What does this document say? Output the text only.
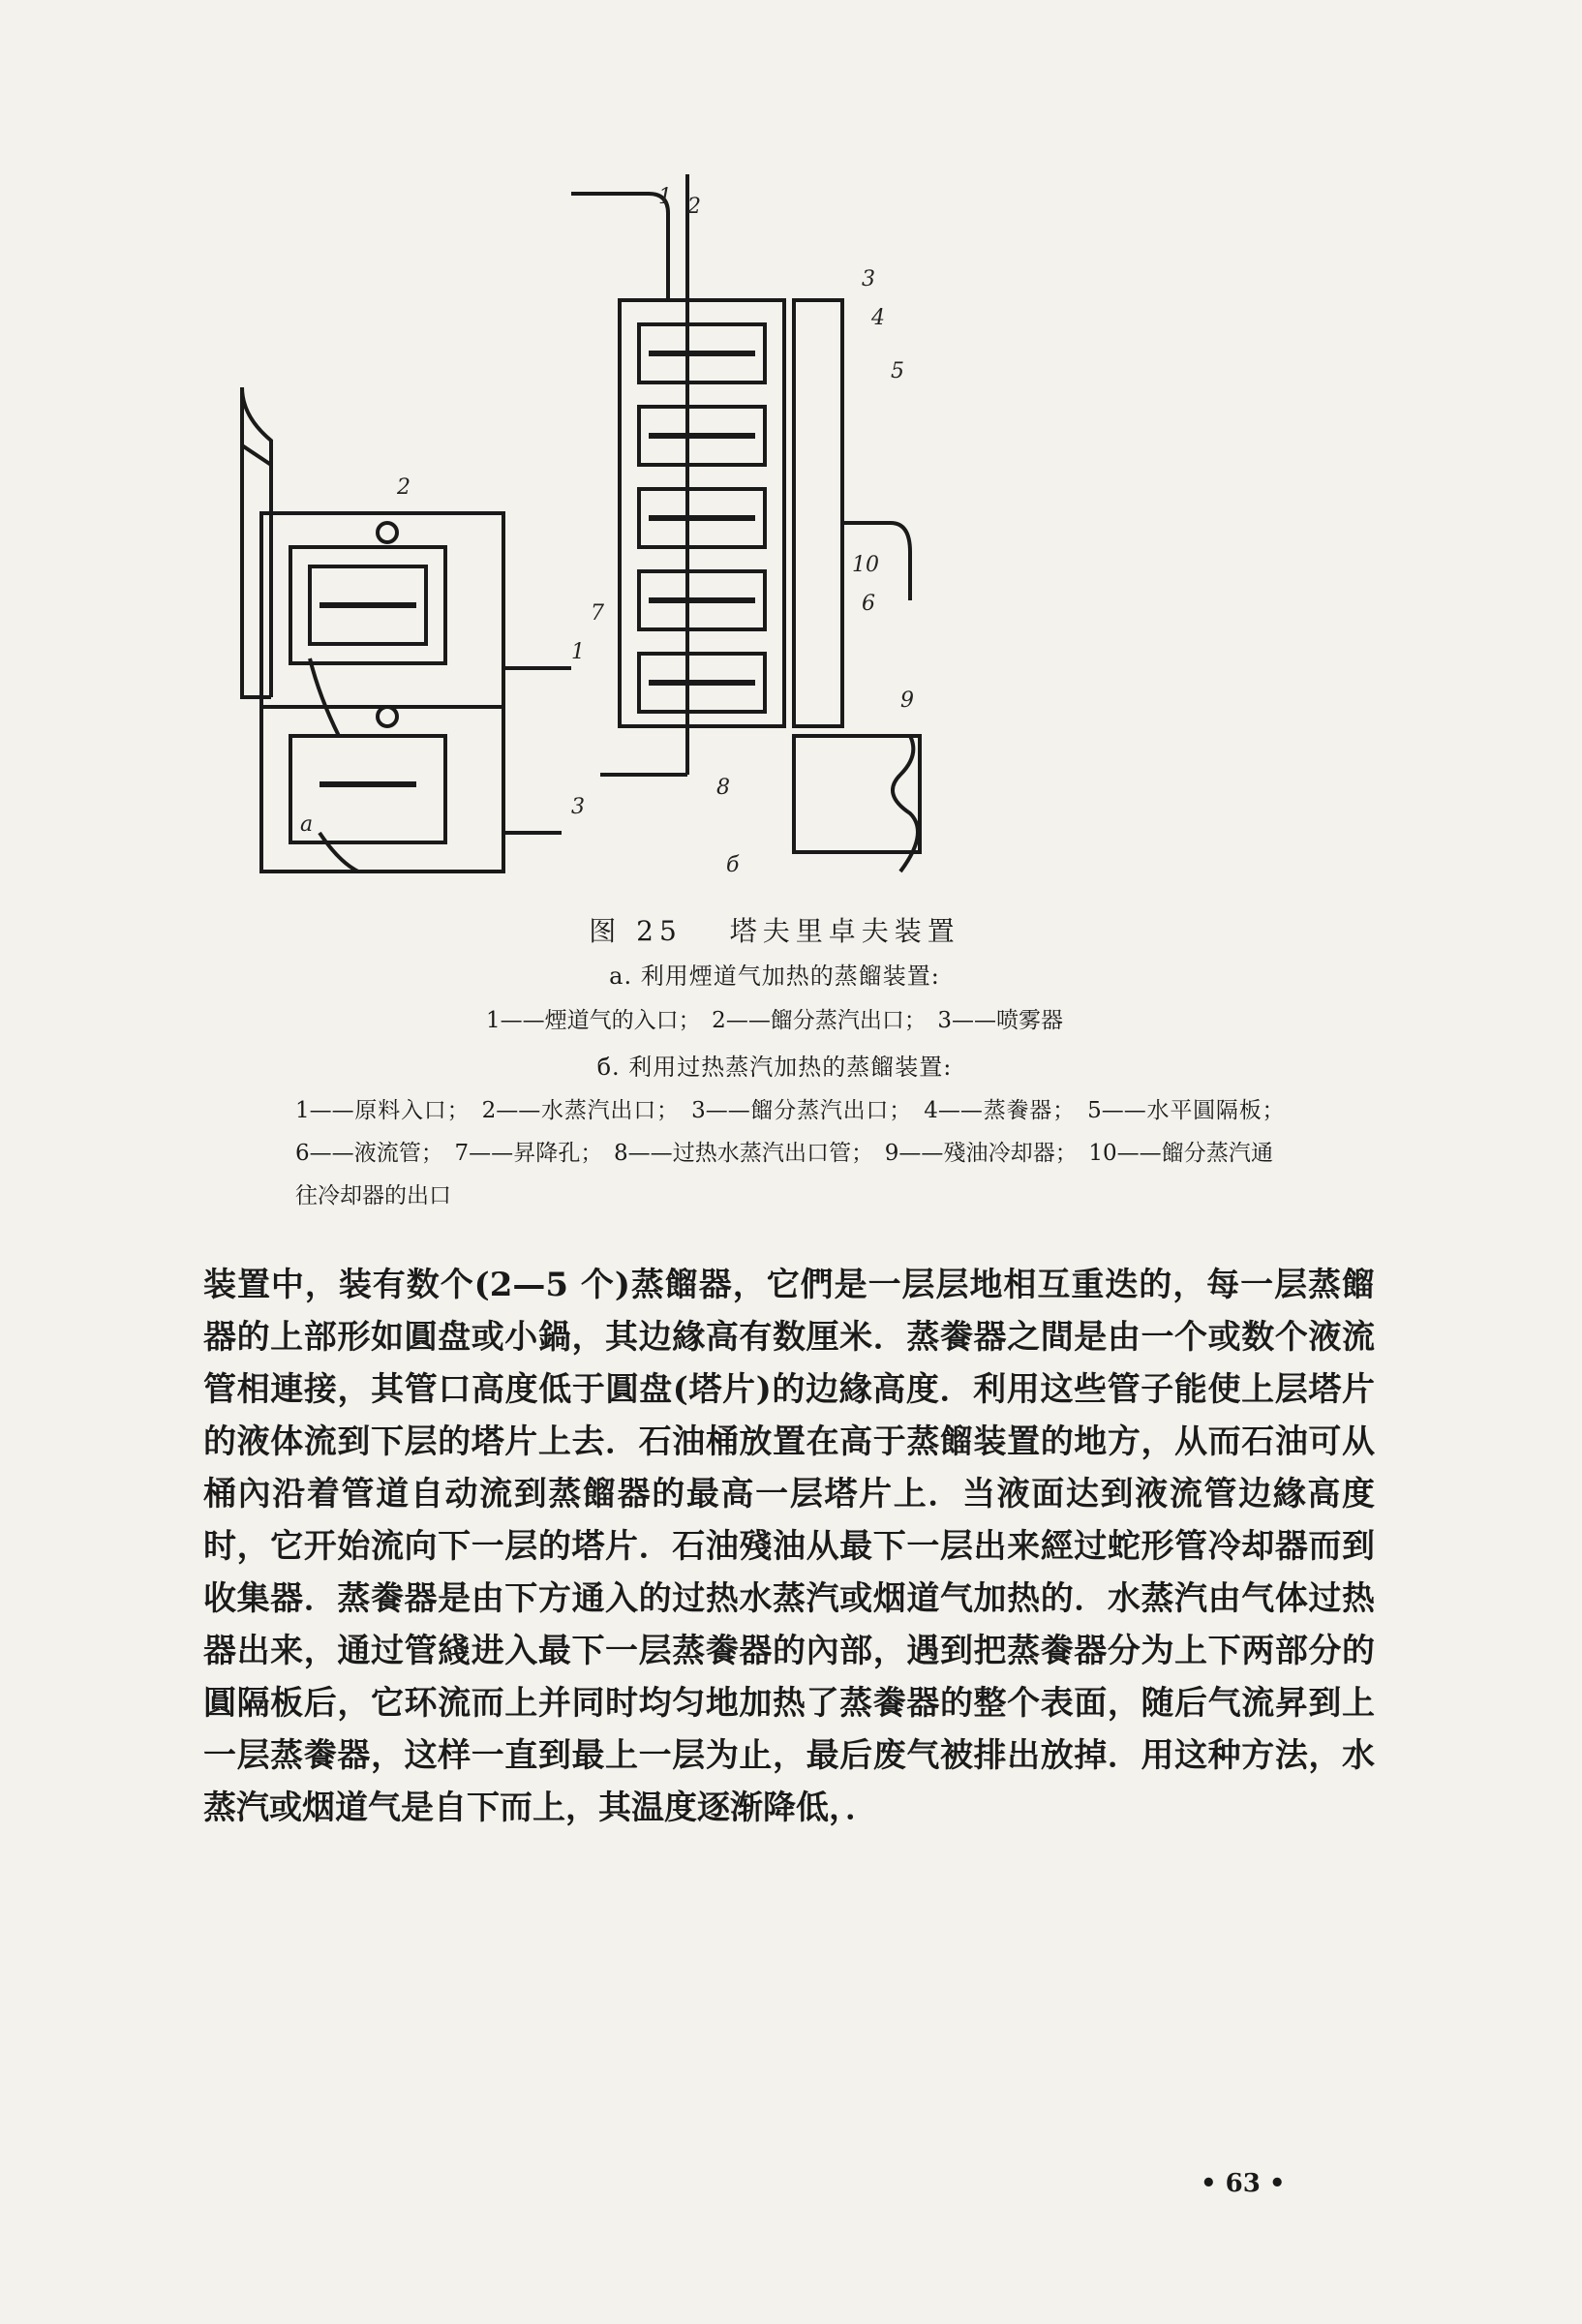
2
1
3
a
1 2
3
4
5
10
6
7
9
8
б
图 25　 塔夫里卓夫装置
a. 利用煙道气加热的蒸餾装置:
1——煙道气的入口；　2——餾分蒸汽出口；　3——喷雾器
б. 利用过热蒸汽加热的蒸餾装置:
1——原料入口；　2——水蒸汽出口；　3——餾分蒸汽出口；　4——蒸餋器；　5——水平圓隔板；　6——液流管；　7——昇降孔；　8——过热水蒸汽出口管；　9——殘油冷却器；　10——餾分蒸汽通往冷却器的出口

装置中，装有数个(2—5 个)蒸餾器，它們是一层层地相互重迭的，每一层蒸餾器的上部形如圓盘或小鍋，其边緣高有数厘米．蒸餋器之間是由一个或数个液流管相連接，其管口高度低于圓盘(塔片)的边緣高度．利用这些管子能使上层塔片的液体流到下层的塔片上去．石油桶放置在高于蒸餾装置的地方，从而石油可从桶內沿着管道自动流到蒸餾器的最高一层塔片上．当液面达到液流管边緣高度时，它开始流向下一层的塔片．石油殘油从最下一层出来經过蛇形管冷却器而到收集器．蒸餋器是由下方通入的过热水蒸汽或烟道气加热的．水蒸汽由气体过热器出来，通过管綫进入最下一层蒸餋器的內部，遇到把蒸餋器分为上下两部分的圓隔板后，它环流而上并同时均匀地加热了蒸餋器的整个表面，随后气流昇到上一层蒸餋器，这样一直到最上一层为止，最后废气被排出放掉．用这种方法，水蒸汽或烟道气是自下而上，其温度逐渐降低，．

• 63 •
